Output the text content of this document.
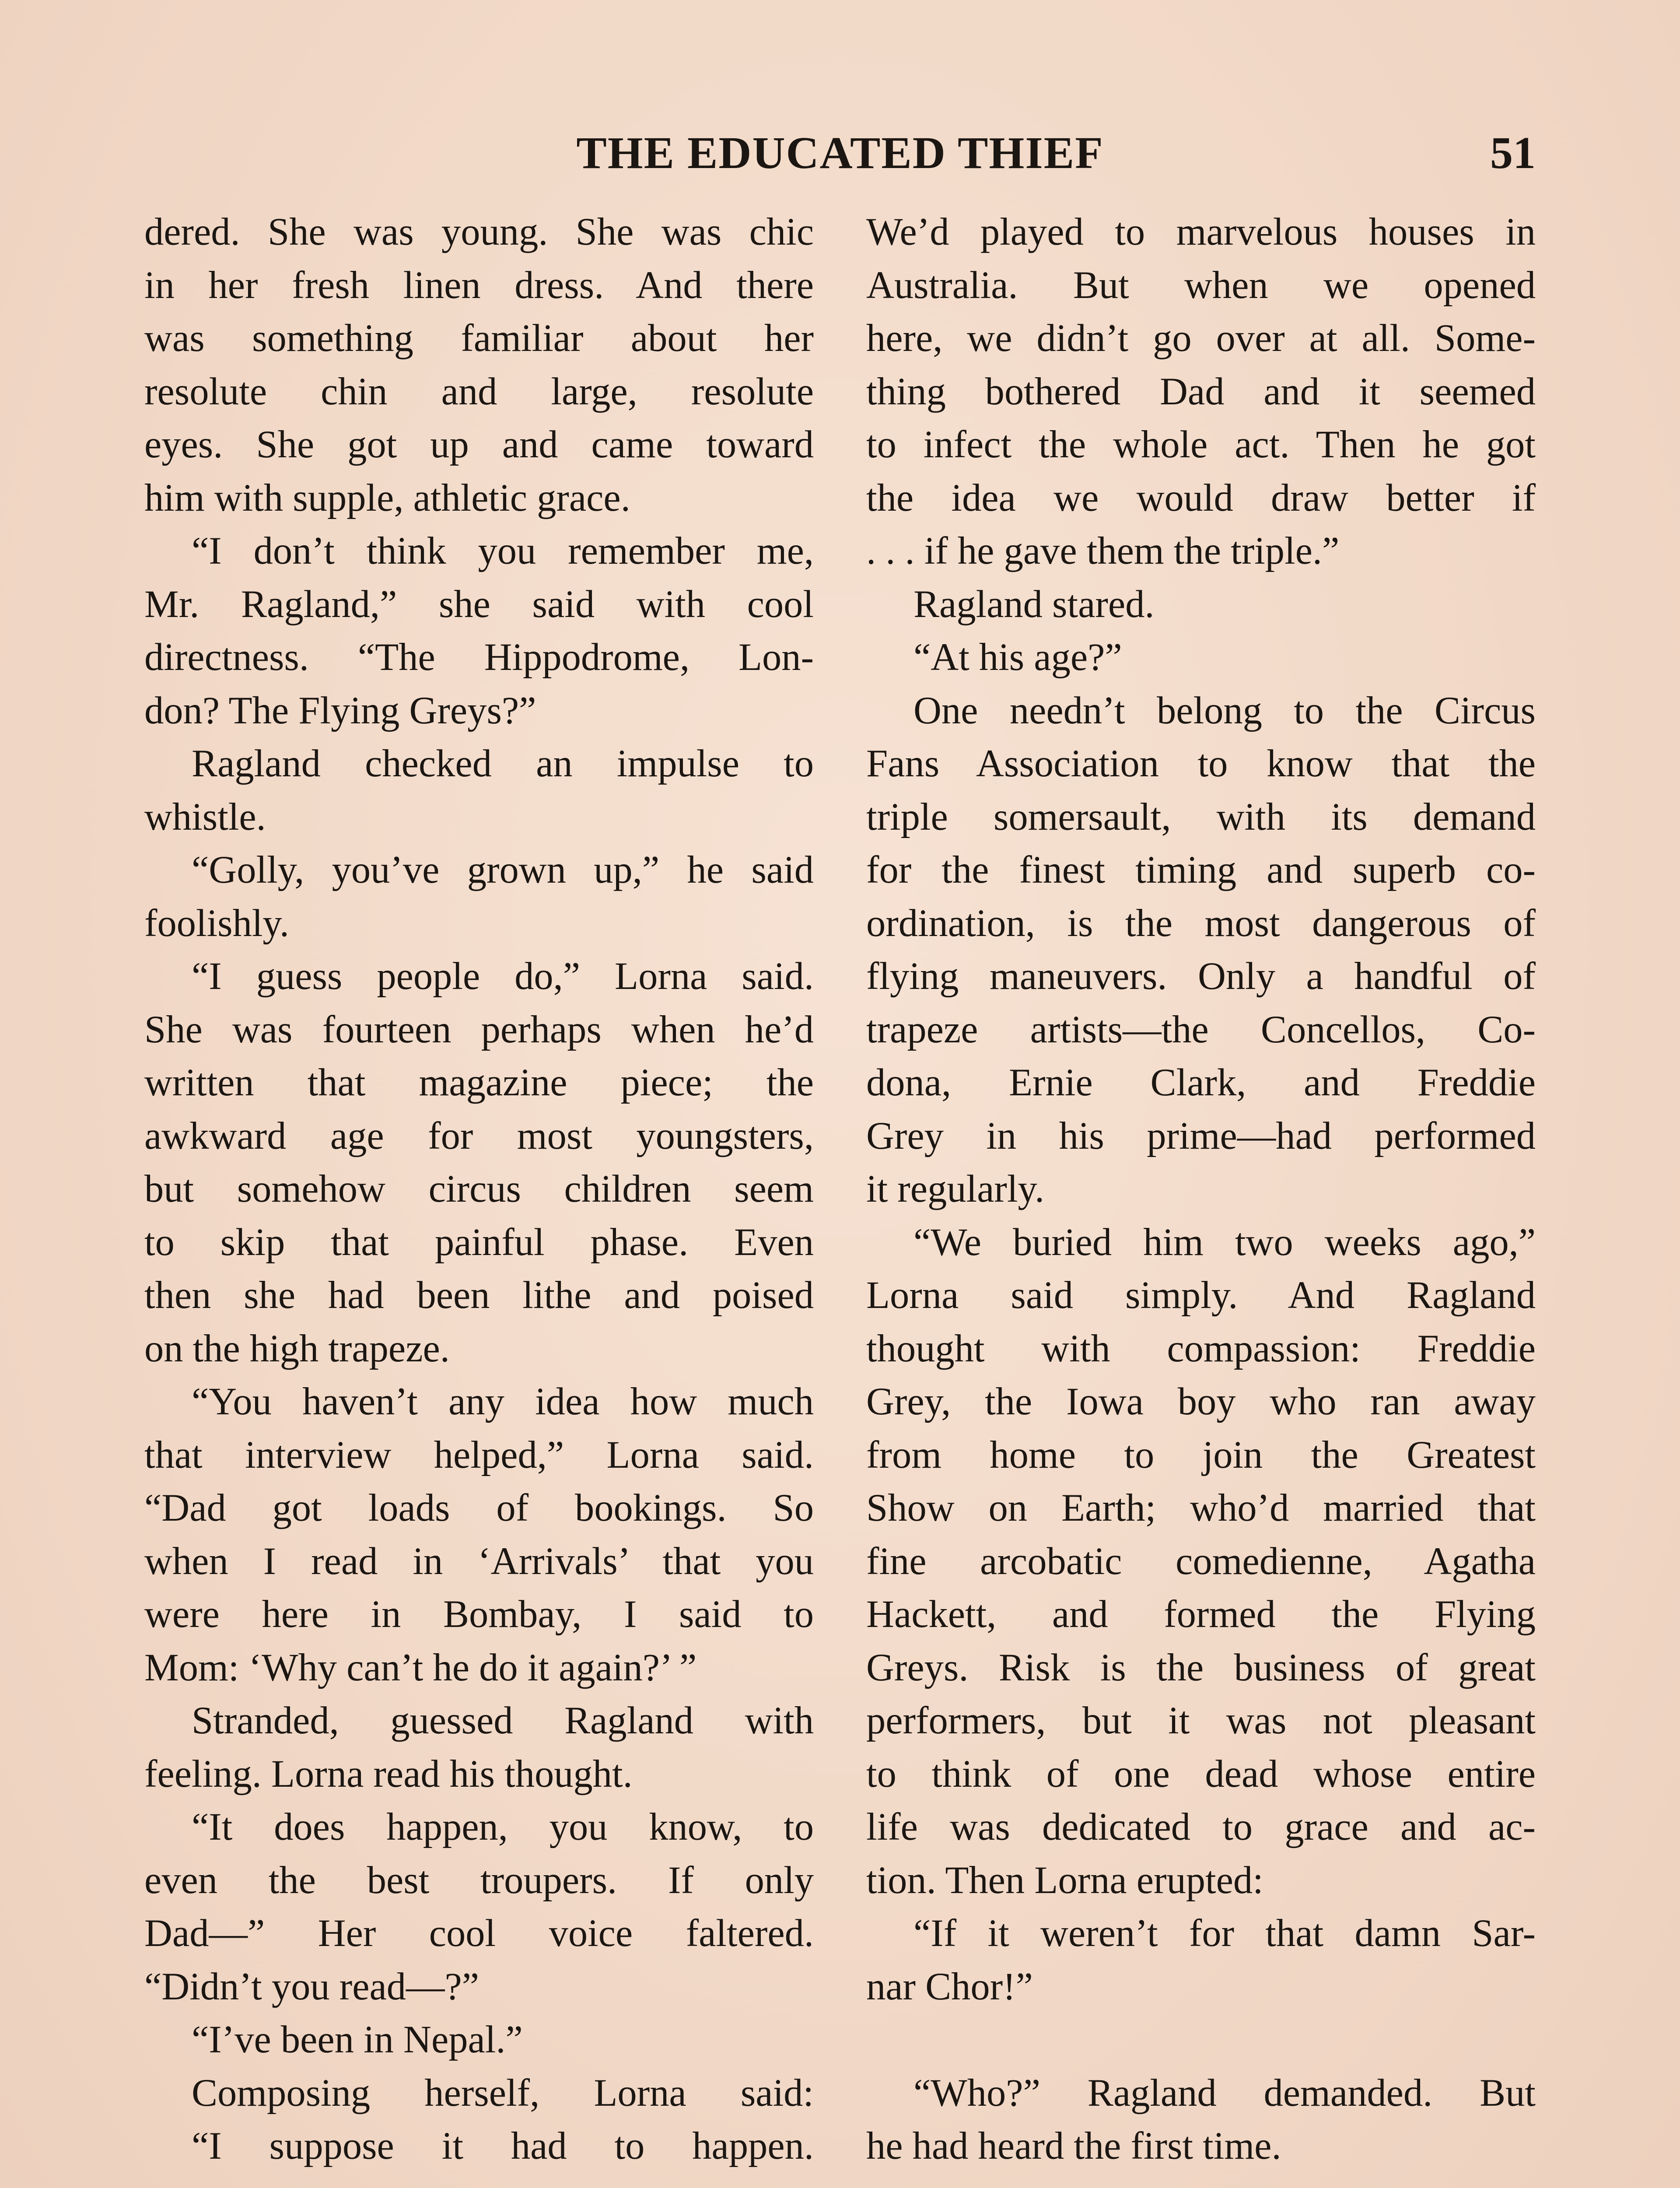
THE EDUCATED THIEF	51
dered. She was young. She was chic
in her fresh linen dress. And there
was something familiar about her
resolute chin and large, resolute
eyes. She got up and came toward
him with supple, athletic grace.
“I don’t think you remember me,
Mr. Ragland,” she said with cool
directness. “The Hippodrome, Lon-
don? The Flying Greys?”
Ragland checked an impulse to
whistle.
“Golly, you’ve grown up,” he said
foolishly.
“I guess people do,” Lorna said.
She was fourteen perhaps when he’d
written that magazine piece; the
awkward age for most youngsters,
but somehow circus children seem
to skip that painful phase. Even
then she had been lithe and poised
on the high trapeze.
“You haven’t any idea how much
that interview helped,” Lorna said.
“Dad got loads of bookings. So
when I read in ‘Arrivals’ that you
were here in Bombay, I said to
Mom: ‘Why can’t he do it again?’ ”
Stranded, guessed Ragland with
feeling. Lorna read his thought.
“It does happen, you know, to
even the best troupers. If only
Dad—” Her cool voice faltered.
“Didn’t you read—?”
“I’ve been in Nepal.”
Composing herself, Lorna said:
“I suppose it had to happen.
We’d played to marvelous houses in
Australia. But when we opened
here, we didn’t go over at all. Some-
thing bothered Dad and it seemed
to infect the whole act. Then he got
the idea we would draw better if
. . . if he gave them the triple.”
Ragland stared.
“At his age?”
One needn’t belong to the Circus
Fans Association to know that the
triple somersault, with its demand
for the finest timing and superb co-
ordination, is the most dangerous of
flying maneuvers. Only a handful of
trapeze artists—the Concellos, Co-
dona, Ernie Clark, and Freddie
Grey in his prime—had performed
it regularly.
“We buried him two weeks ago,”
Lorna said simply. And Ragland
thought with compassion: Freddie
Grey, the Iowa boy who ran away
from home to join the Greatest
Show on Earth; who’d married that
fine arcobatic comedienne, Agatha
Hackett, and formed the Flying
Greys. Risk is the business of great
performers, but it was not pleasant
to think of one dead whose entire
life was dedicated to grace and ac-
tion. Then Lorna erupted:
“If it weren’t for that damn Sar-
nar Chor!”
“Who?” Ragland demanded. But
he had heard the first time.
